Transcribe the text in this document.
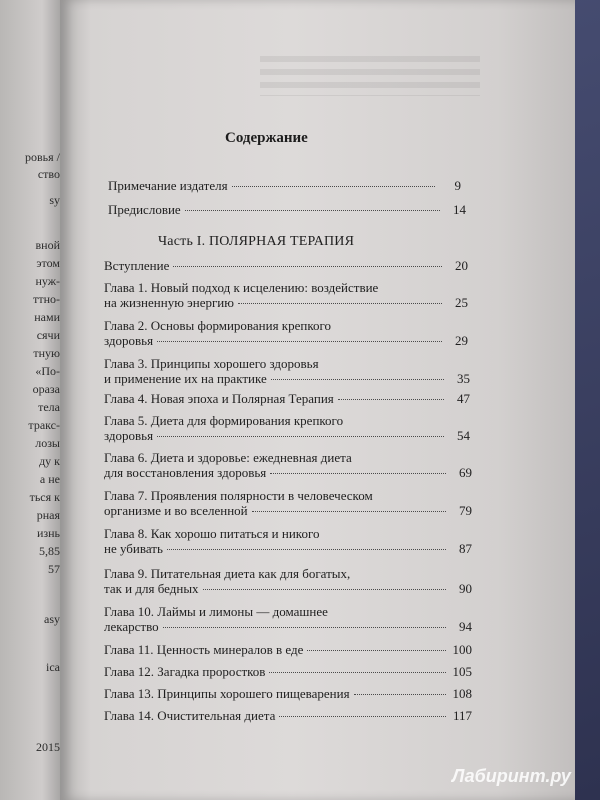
ровья /
ство
sy
вной
этом
нуж-
ттно-
нами
сячи
тную
«По-
ораза
тела
тракс-
лозы
ду к
а не
ться к
рная
изнь
5,85
57
asy
ica
2015
Содержание
Примечание издателя	9
Предисловие	14
Часть I. ПОЛЯРНАЯ ТЕРАПИЯ
Вступление	20
Глава 1. Новый подход к исцелению: воздействие
на жизненную энергию	25
Глава 2. Основы формирования крепкого
здоровья	29
Глава 3. Принципы хорошего здоровья
и применение их на практике	35
Глава 4. Новая эпоха и Полярная Терапия	47
Глава 5. Диета для формирования крепкого
здоровья	54
Глава 6. Диета и здоровье: ежедневная диета
для восстановления здоровья	69
Глава 7. Проявления полярности в человеческом
организме и во вселенной	79
Глава 8. Как хорошо питаться и никого
не убивать	87
Глава 9. Питательная диета как для богатых,
так и для бедных	90
Глава 10. Лаймы и лимоны — домашнее
лекарство	94
Глава 11. Ценность минералов в еде	100
Глава 12. Загадка проростков	105
Глава 13. Принципы хорошего пищеварения	108
Глава 14. Очистительная диета	117
Лабиринт.ру
